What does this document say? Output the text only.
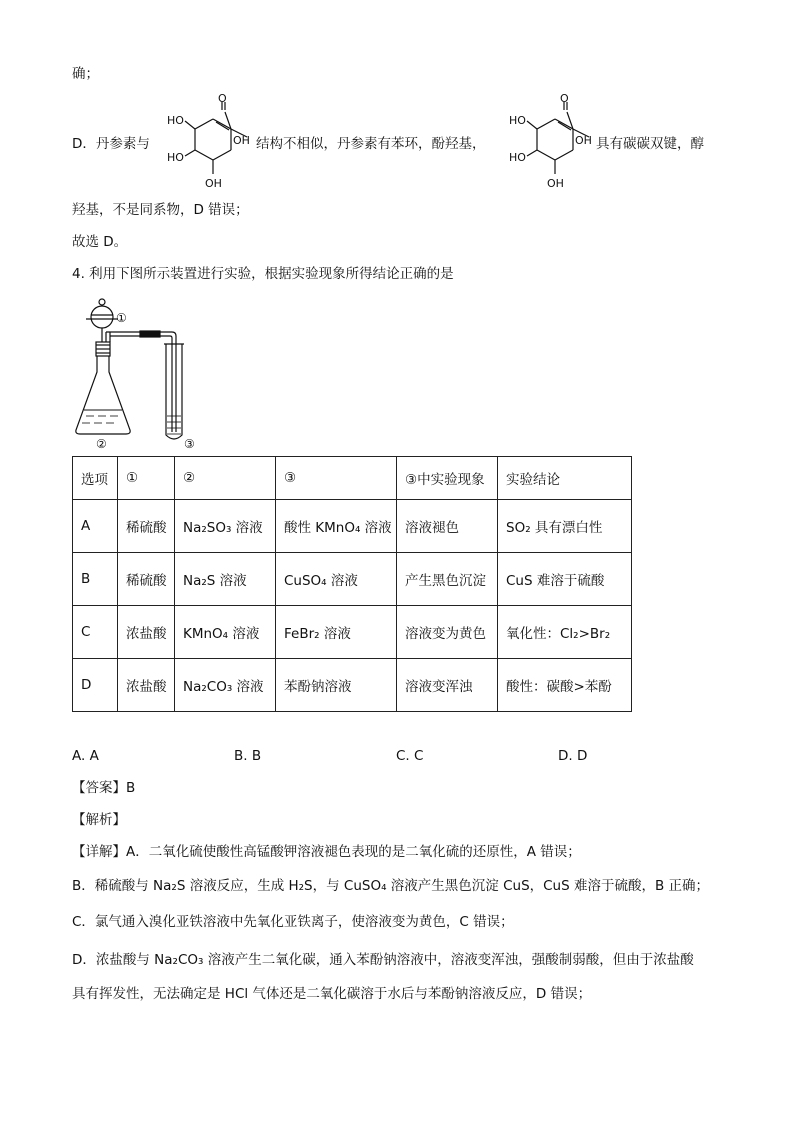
确；
D．丹参素与
HO
HO
OH
O
OH 结构不相似，丹参素有苯环，酚羟基，
HO
HO
OH
O
OH 具有碳碳双键，醇
羟基，不是同系物，D 错误；
故选 D。
4. 利用下图所示装置进行实验，根据实验现象所得结论正确的是
①
②	③
选项	①	②	③	③中实验现象	实验结论
A	稀硫酸	Na₂SO₃ 溶液	酸性 KMnO₄ 溶液	溶液褪色	SO₂ 具有漂白性
B	稀硫酸	Na₂S 溶液	CuSO₄ 溶液	产生黑色沉淀	CuS 难溶于硫酸
C	浓盐酸	KMnO₄ 溶液	FeBr₂ 溶液	溶液变为黄色	氧化性：Cl₂>Br₂
D	浓盐酸	Na₂CO₃ 溶液	苯酚钠溶液	溶液变浑浊	酸性：碳酸>苯酚
A. A	B. B	C. C	D. D
【答案】B
【解析】
【详解】A．二氧化硫使酸性高锰酸钾溶液褪色表现的是二氧化硫的还原性，A 错误；
B．稀硫酸与 Na₂S 溶液反应，生成 H₂S，与 CuSO₄ 溶液产生黑色沉淀 CuS，CuS 难溶于硫酸，B 正确；
C．氯气通入溴化亚铁溶液中先氧化亚铁离子，使溶液变为黄色，C 错误；
D．浓盐酸与 Na₂CO₃ 溶液产生二氧化碳，通入苯酚钠溶液中，溶液变浑浊，强酸制弱酸，但由于浓盐酸
具有挥发性，无法确定是 HCl 气体还是二氧化碳溶于水后与苯酚钠溶液反应，D 错误；
